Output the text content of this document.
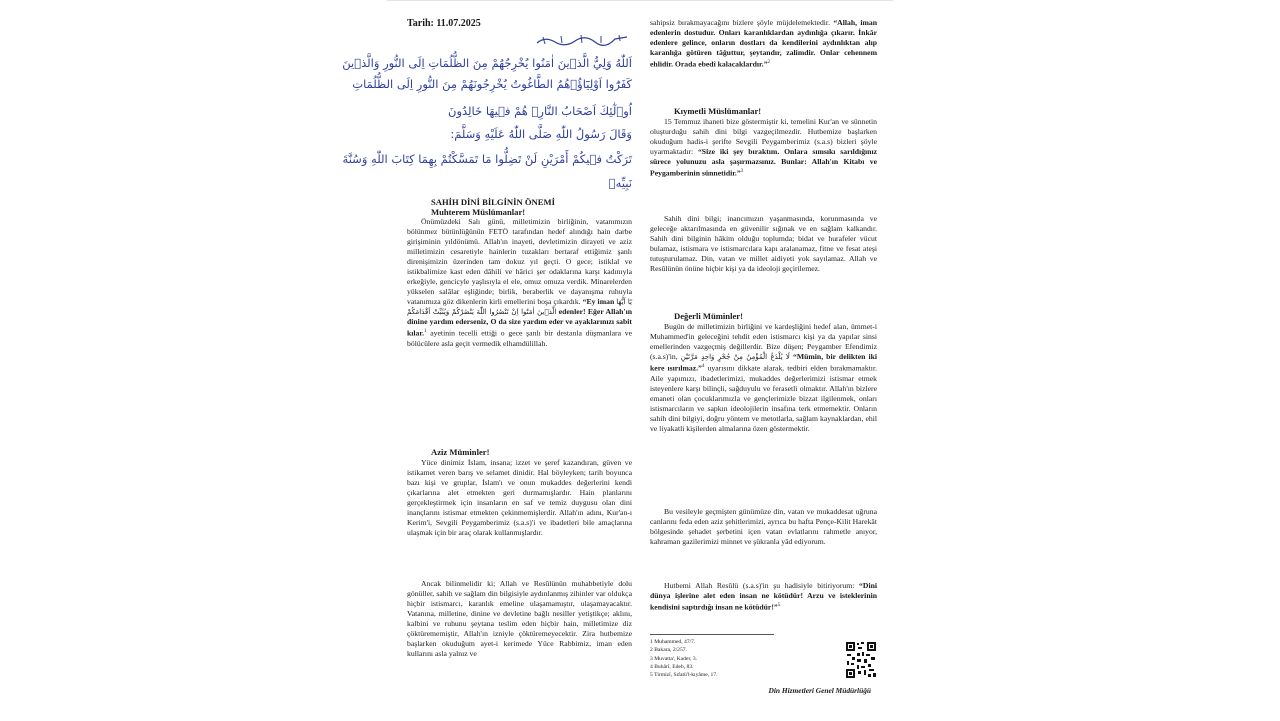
Tarih: 11.07.2025
اَللّٰهُ وَلِيُّ الَّذ۪ينَ اٰمَنُوا يُخْرِجُهُمْ مِنَ الظُّلُمَاتِ اِلَى النُّورِ وَالَّذ۪ينَ
كَفَرُٓوا اَوْلِيَٓاؤُ۬هُمُ الطَّاغُوتُ يُخْرِجُونَهُمْ مِنَ النُّورِ اِلَى الظُّلُمَاتِ
اُو۬لٰٓئِكَ اَصْحَابُ النَّارِۚ هُمْ ف۪يهَا خَالِدُونَ
وَقَالَ رَسُولُ اللّٰهِ صَلَّى اللّٰهُ عَلَيْهِ وَسَلَّمَ:
تَرَكْتُ ف۪يكُمْ أَمْرَيْنِ لَنْ تَضِلُّوا مَا تَمَسَّكْتُمْ بِهِمَا كِتَابَ اللّٰهِ وَسُنَّةَ
نَبِيِّه۪
SAHİH DİNİ BİLGİNİN ÖNEMİ
Muhterem Müslümanlar!

Önümüzdeki Salı günü, milletimizin birliğinin, vatanımızın bölünmez bütünlüğünün FETÖ tarafından hedef alındığı hain darbe girişiminin yıldönümü. Allah'ın inayeti, devletimizin dirayeti ve aziz milletimizin cesaretiyle hainlerin tuzakları bertaraf ettiğimiz şanlı direnişimizin üzerinden tam dokuz yıl geçti. O gece; istiklal ve istikbalimize kast eden dâhili ve hârici şer odaklarına karşı kadınıyla erkeğiyle, gencicyle yaşlısıyla el ele, omuz omuza verdik. Minarelerden yükselen salâlar eşliğinde; birlik, beraberlik ve dayanışma ruhuyla vatanımıza göz dikenlerin kirli emellerini boşa çıkardık. “Ey iman يَٓا اَيُّهَا الَّذ۪ينَ اٰمَنُٓوا اِنْ تَنْصُرُوا اللّٰهَ يَنْصُرْكُمْ وَيُثَبِّتْ اَقْدَامَكُمْ edenler! Eğer Allah'ın dinine yardım ederseniz, O da size yardım eder ve ayaklarınızı sabit kılar.$^1$ ayetinin tecelli ettiği o gece şanlı bir destanla düşmanlara ve bölücülere asla geçit vermedik elhamdülillah.

Aziz Müminler!

Yüce dinimiz İslam, insana; izzet ve şeref kazandıran, güven ve istikamet veren barış ve selamet dinidir. Hal böyleyken; tarih boyunca bazı kişi ve gruplar, İslam'ı ve onun mukaddes değerlerini kendi çıkarlarına alet etmekten geri durmamışlardır. Hain planlarını gerçekleştirmek için insanların en saf ve temiz duygusu olan dini inançlarını istismar etmekten çekinmemişlerdir. Allah'ın adını, Kur'an-ı Kerim'i, Sevgili Peygamberimiz (s.a.s)'i ve ibadetleri bile amaçlarına ulaşmak için bir araç olarak kullanmışlardır.

Ancak bilinmelidir ki; Allah ve Resûlünün muhabbetiyle dolu gönüller, sahih ve sağlam din bilgisiyle aydınlanmış zihinler var oldukça hiçbir istismarcı, karanlık emeline ulaşamamıştır, ulaşamayacaktır. Vatanına, milletine, dinine ve devletine bağlı nesiller yetiştikçe; aklını, kalbini ve ruhunu şeytana teslim eden hiçbir hain, milletimize diz çöktürememiştir, Allah'ın izniyle çöktüremeyecektir. Zira hutbemize başlarken okuduğum ayet-i kerimede Yüce Rabbimiz, iman eden kullarını asla yalnız ve

sahipsiz bırakmayacağını bizlere şöyle müjdelemektedir. “Allah, iman edenlerin dostudur. Onları karanlıklardan aydınlığa çıkarır. İnkâr edenlere gelince, onların dostları da kendilerini aydınlıktan alıp karanlığa götüren tâğuttur, şeytandır, zalimdir. Onlar cehennem ehlidir. Orada ebedî kalacaklardır.”$^2$

Kıymetli Müslümanlar!

15 Temmuz ihaneti bize göstermiştir ki, temelini Kur'an ve sünnetin oluşturduğu sahih dini bilgi vazgeçilmezdir. Hutbemize başlarken okuduğum hadis-i şerifte Sevgili Peygamberimiz (s.a.s) bizleri şöyle uyarmaktadır: “Size iki şey bıraktım. Onlara sımsıkı sarıldığınız sürece yolunuzu asla şaşırmazsınız. Bunlar: Allah'ın Kitabı ve Peygamberinin sünnetidir.”$^3$

Sahih dini bilgi; inancımızın yaşanmasında, korunmasında ve geleceğe aktarılmasında en güvenilir sığınak ve en sağlam kalkandır. Sahih dini bilginin hâkim olduğu toplumda; bidat ve hurafeler vücut bulamaz, istismara ve istismarcılara kapı aralanamaz, fitne ve fesat ateşi tutuşturulamaz. Din, vatan ve millet aidiyeti yok sayılamaz. Allah ve Resûlünün önüne hiçbir kişi ya da ideoloji geçirilemez.

Değerli Müminler!

Bugün de milletimizin birliğini ve kardeşliğini hedef alan, ümmet-i Muhammed'in geleceğini tehdit eden istismarcı kişi ya da yapılar sinsi emellerinden vazgeçmiş değillerdir. Bize düşen; Peygamber Efendimiz (s.a.s)'in, لَا يُلْدَغُ الْمُؤْمِنُ مِنْ جُحْرٍ وَاحِدٍ مَرَّتَيْنِ “Mümin, bir delikten iki kere ısırılmaz.”$^4$ uyarısını dikkate alarak, tedbiri elden bırakmamaktır. Aile yapımızı, ibadetlerimizi, mukaddes değerlerimizi istismar etmek isteyenlere karşı bilinçli, sağduyulu ve ferasetli olmaktır. Allah'ın bizlere emaneti olan çocuklarımızla ve gençlerimizle bizzat ilgilenmek, onları istismarcıların ve sapkın ideolojilerin insafına terk etmemektir. Onların sahih dini bilgiyi, doğru yöntem ve metotlarla, sağlam kaynaklardan, ehil ve liyakatli kişilerden almalarına özen göstermektir.

Bu vesileyle geçmişten günümüze din, vatan ve mukaddesat uğruna canlarını feda eden aziz şehitlerimizi, ayrıca bu hafta Pençe-Kilit Harekât bölgesinde şehadet şerbetini içen vatan evlatlarını rahmetle anıyor, kahraman gazilerimizi minnet ve şükranla yâd ediyorum.

Hutbemi Allah Resûlü (s.a.s)'in şu hadisiyle bitiriyorum: “Dini dünya işlerine alet eden insan ne kötüdür! Arzu ve isteklerinin kendisini saptırdığı insan ne kötüdür!”$^5$

1 Muhammed, 47/7.
2 Bakara, 2/257.
3 Muvatta', Kader, 3.
4 Buhârî, Edeb, 83.
5 Tirmizî, Sıfatü'l-kıyâme, 17.
Din Hizmetleri Genel Müdürlüğü
